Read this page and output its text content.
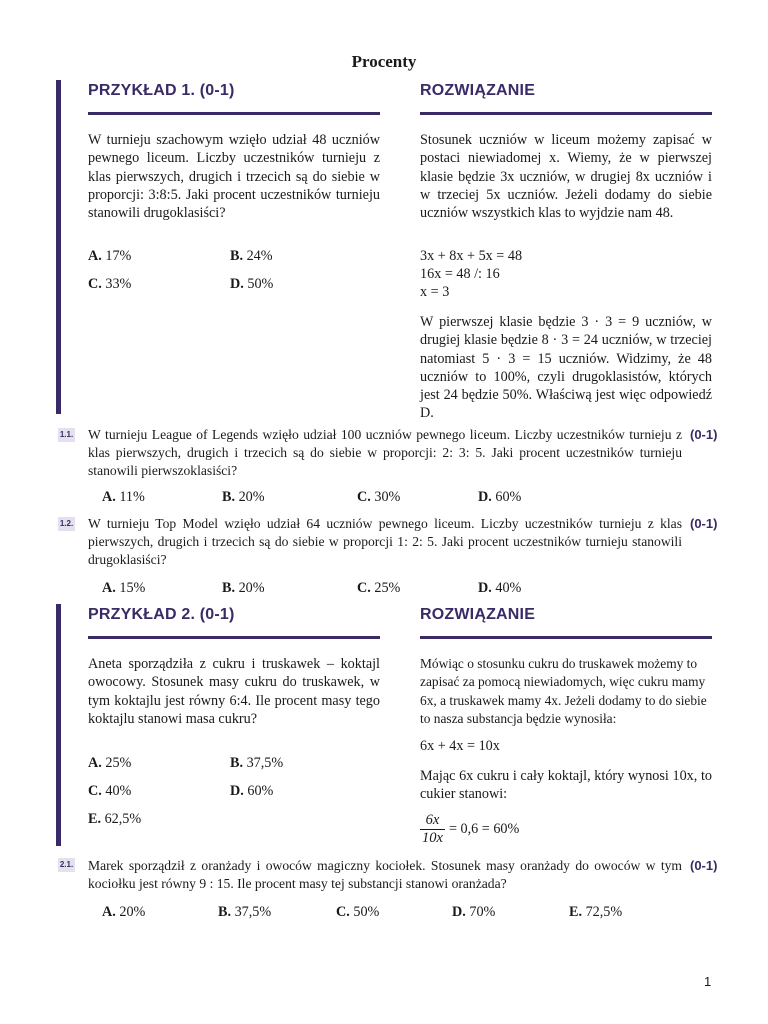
Procenty
PRZYKŁAD 1. (0-1)	ROZWIĄZANIE
W turnieju szachowym wzięło udział 48 uczniów pewnego liceum. Liczby uczestników turnieju z klas pierwszych, drugich i trzecich są do siebie w proporcji: 3:8:5. Jaki procent uczestników turnieju stanowili drugoklasiści?
A. 17%	B. 24%
C. 33%	D. 50%
Stosunek uczniów w liceum możemy zapisać w postaci niewiadomej x. Wiemy, że w pierwszej klasie będzie 3x uczniów, w drugiej 8x uczniów i w trzeciej 5x uczniów. Jeżeli dodamy do siebie uczniów wszystkich klas to wyjdzie nam 48.
3x + 8x + 5x = 48
16x = 48 /: 16
x = 3
W pierwszej klasie będzie 3 · 3 = 9 uczniów, w drugiej klasie będzie 8 · 3 = 24 uczniów, w trzeciej natomiast 5 · 3 = 15 uczniów. Widzimy, że 48 uczniów to 100%, czyli drugoklasistów, których jest 24 będzie 50%. Właściwą jest więc odpowiedź D.
1.1. W turnieju League of Legends wzięło udział 100 uczniów pewnego liceum. Liczby uczestników turnieju z klas pierwszych, drugich i trzecich są do siebie w proporcji: 2: 3: 5. Jaki procent uczestników turnieju stanowili pierwszoklasiści?
(0-1)
A. 11%	B. 20%	C. 30%	D. 60%
1.2. W turnieju Top Model wzięło udział 64 uczniów pewnego liceum. Liczby uczestników turnieju z klas pierwszych, drugich i trzecich są do siebie w proporcji 1: 2: 5. Jaki procent uczestników turnieju stanowili drugoklasiści?
(0-1)
A. 15%	B. 20%	C. 25%	D. 40%
PRZYKŁAD 2. (0-1)	ROZWIĄZANIE
Aneta sporządziła z cukru i truskawek – koktajl owocowy. Stosunek masy cukru do truskawek, w tym koktajlu jest równy 6:4. Ile procent masy tego koktajlu stanowi masa cukru?
A. 25%	B. 37,5%
C. 40%	D. 60%
E. 62,5%
Mówiąc o stosunku cukru do truskawek możemy to zapisać za pomocą niewiadomych, więc cukru mamy 6x, a truskawek mamy 4x. Jeżeli dodamy to do siebie to nasza substancja będzie wynosiła:
6x + 4x = 10x
Mając 6x cukru i cały koktajl, który wynosi 10x, to cukier stanowi:
$\frac{6x}{10x} = 0,6 = 60\%$
2.1. Marek sporządził z oranżady i owoców magiczny kociołek. Stosunek masy oranżady do owoców w tym kociołku jest równy 9 : 15. Ile procent masy tej substancji stanowi oranżada?
(0-1)
A. 20%	B. 37,5%	C. 50%	D. 70%	E. 72,5%
1
